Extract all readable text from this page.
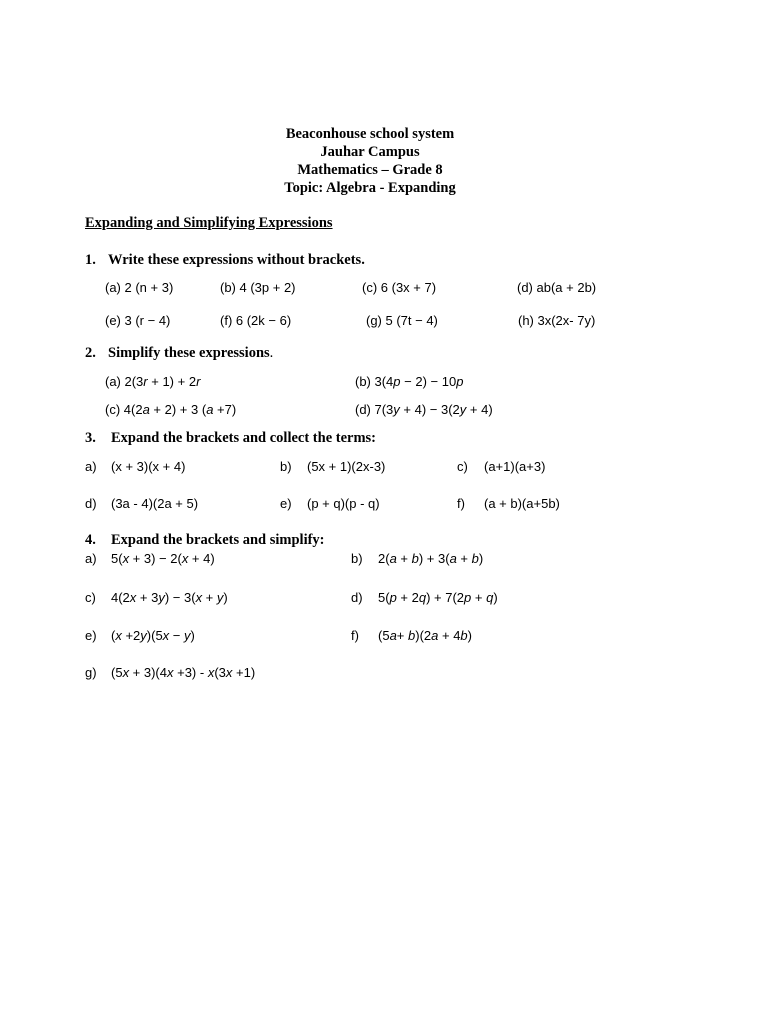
Beaconhouse school system
Jauhar Campus
Mathematics – Grade 8
Topic: Algebra - Expanding
Expanding and Simplifying Expressions
1. Write these expressions without brackets.
(a) 2 (n + 3)	(b) 4 (3p + 2)	(c) 6 (3x + 7)	(d) ab(a + 2b)
(e) 3 (r − 4)	(f) 6 (2k − 6)	(g) 5 (7t − 4)	(h) 3x(2x- 7y)
2. Simplify these expressions.
(a) 2(3r + 1) + 2r	(b) 3(4p − 2) − 10p
(c) 4(2a + 2) + 3 (a +7)	(d) 7(3y + 4) − 3(2y + 4)
3. Expand the brackets and collect the terms:
a) (x + 3)(x + 4)	b) (5x + 1)(2x-3)	c) (a+1)(a+3)
d) (3a - 4)(2a + 5)	e) (p + q)(p - q)	f) (a + b)(a+5b)
4. Expand the brackets and simplify:
a) 5(x + 3) − 2(x + 4)	b) 2(a + b) + 3(a + b)
c) 4(2x + 3y) − 3(x + y)	d) 5(p + 2q) + 7(2p + q)
e) (x +2y)(5x − y)	f) (5a+ b)(2a + 4b)
g) (5x + 3)(4x +3) - x(3x +1)
